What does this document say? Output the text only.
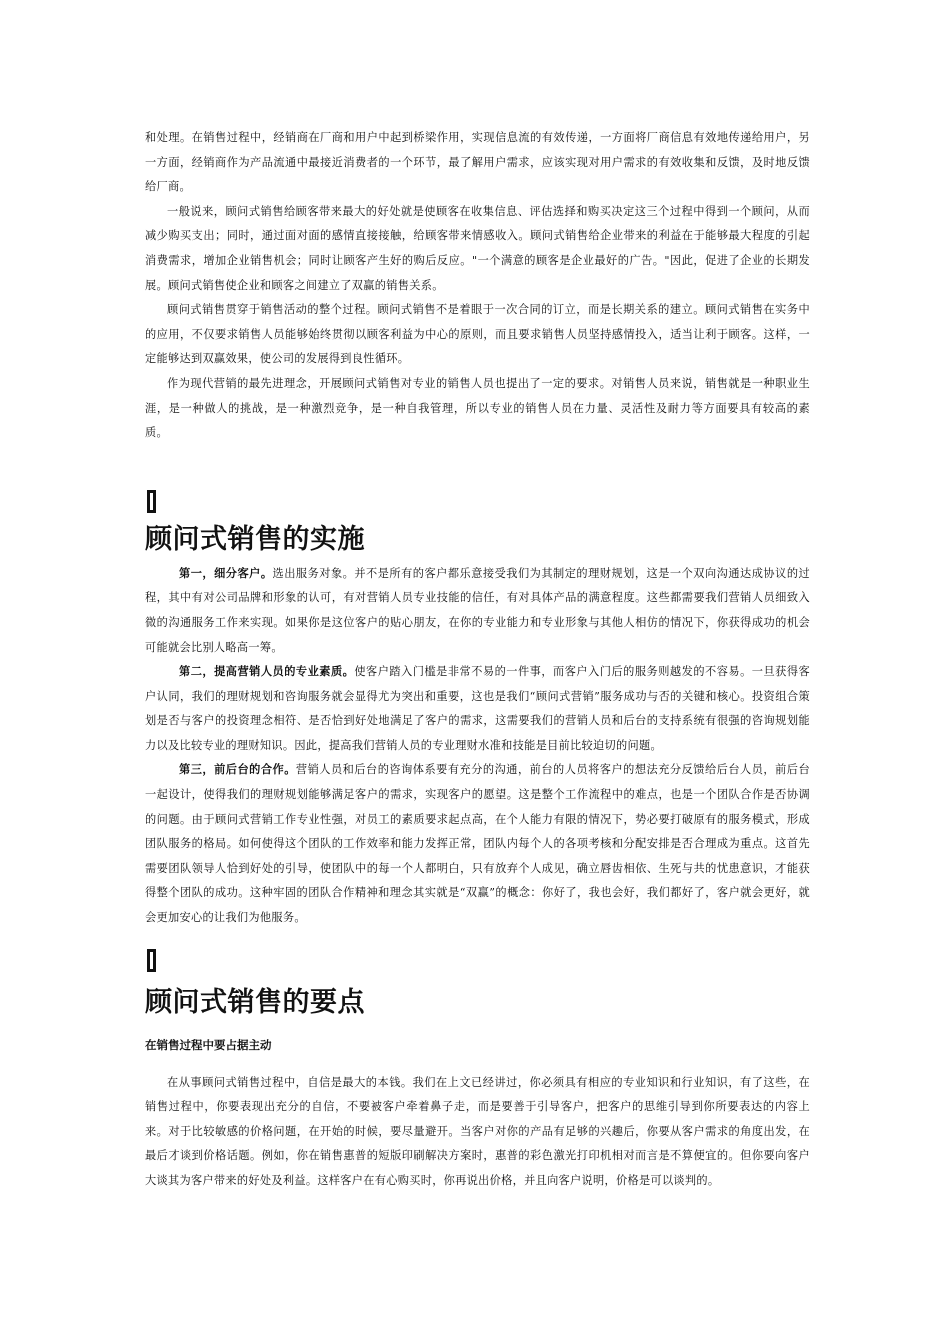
和处理。在销售过程中，经销商在厂商和用户中起到桥梁作用，实现信息流的有效传递，一方面将厂商信息有效地传递给用户，另一方面，经销商作为产品流通中最接近消费者的一个环节，最了解用户需求，应该实现对用户需求的有效收集和反馈，及时地反馈给厂商。

一般说来，顾问式销售给顾客带来最大的好处就是使顾客在收集信息、评估选择和购买决定这三个过程中得到一个顾问，从而减少购买支出；同时，通过面对面的感情直接接触，给顾客带来情感收入。顾问式销售给企业带来的利益在于能够最大程度的引起消费需求，增加企业销售机会；同时让顾客产生好的购后反应。"一个满意的顾客是企业最好的广告。"因此，促进了企业的长期发展。顾问式销售使企业和顾客之间建立了双赢的销售关系。

顾问式销售贯穿于销售活动的整个过程。顾问式销售不是着眼于一次合同的订立，而是长期关系的建立。顾问式销售在实务中的应用，不仅要求销售人员能够始终贯彻以顾客利益为中心的原则，而且要求销售人员坚持感情投入，适当让利于顾客。这样，一定能够达到双赢效果，使公司的发展得到良性循环。

作为现代营销的最先进理念，开展顾问式销售对专业的销售人员也提出了一定的要求。对销售人员来说，销售就是一种职业生涯，是一种做人的挑战，是一种激烈竞争，是一种自我管理，所以专业的销售人员在力量、灵活性及耐力等方面要具有较高的素质。

顾问式销售的实施

第一，细分客户。选出服务对象。并不是所有的客户都乐意接受我们为其制定的理财规划，这是一个双向沟通达成协议的过程，其中有对公司品牌和形象的认可，有对营销人员专业技能的信任，有对具体产品的满意程度。这些都需要我们营销人员细致入微的沟通服务工作来实现。如果你是这位客户的贴心朋友，在你的专业能力和专业形象与其他人相仿的情况下，你获得成功的机会可能就会比别人略高一筹。

第二，提高营销人员的专业素质。使客户踏入门槛是非常不易的一件事，而客户入门后的服务则越发的不容易。一旦获得客户认同，我们的理财规划和咨询服务就会显得尤为突出和重要，这也是我们“顾问式营销”服务成功与否的关键和核心。投资组合策划是否与客户的投资理念相符、是否恰到好处地满足了客户的需求，这需要我们的营销人员和后台的支持系统有很强的咨询规划能力以及比较专业的理财知识。因此，提高我们营销人员的专业理财水准和技能是目前比较迫切的问题。

第三，前后台的合作。营销人员和后台的咨询体系要有充分的沟通，前台的人员将客户的想法充分反馈给后台人员，前后台一起设计，使得我们的理财规划能够满足客户的需求，实现客户的愿望。这是整个工作流程中的难点，也是一个团队合作是否协调的问题。由于顾问式营销工作专业性强，对员工的素质要求起点高，在个人能力有限的情况下，势必要打破原有的服务模式，形成团队服务的格局。如何使得这个团队的工作效率和能力发挥正常，团队内每个人的各项考核和分配安排是否合理成为重点。这首先需要团队领导人恰到好处的引导，使团队中的每一个人都明白，只有放弃个人成见，确立唇齿相依、生死与共的忧患意识，才能获得整个团队的成功。这种牢固的团队合作精神和理念其实就是“双赢”的概念：你好了，我也会好，我们都好了，客户就会更好，就会更加安心的让我们为他服务。

顾问式销售的要点
在销售过程中要占据主动

在从事顾问式销售过程中，自信是最大的本钱。我们在上文已经讲过，你必须具有相应的专业知识和行业知识，有了这些，在销售过程中，你要表现出充分的自信，不要被客户牵着鼻子走，而是要善于引导客户，把客户的思维引导到你所要表达的内容上来。对于比较敏感的价格问题，在开始的时候，要尽量避开。当客户对你的产品有足够的兴趣后，你要从客户需求的角度出发，在最后才谈到价格话题。例如，你在销售惠普的短版印刷解决方案时，惠普的彩色激光打印机相对而言是不算便宜的。但你要向客户大谈其为客户带来的好处及利益。这样客户在有心购买时，你再说出价格，并且向客户说明，价格是可以谈判的。
